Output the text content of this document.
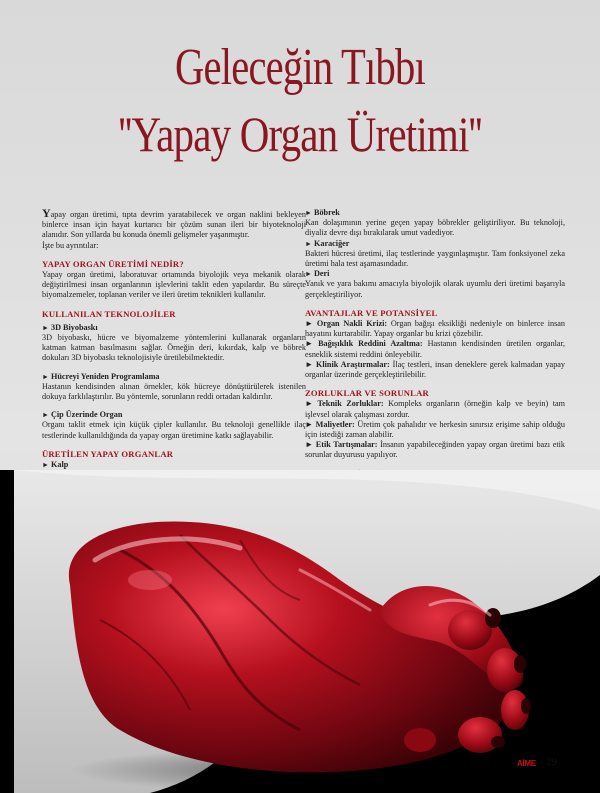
Geleceğin Tıbbı
''Yapay Organ Üretimi''

Yapay organ üretimi, tıpta devrim yaratabilecek ve organ naklini bekleyen binlerce insan için hayat kurtarıcı bir çözüm sunan ileri bir biyoteknoloji alanıdır. Son yıllarda bu konuda önemli gelişmeler yaşanmıştır.

İşte bu ayrıntılar:

YAPAY ORGAN ÜRETİMİ NEDİR?

Yapay organ üretimi, laboratuvar ortamında biyolojik veya mekanik olarak değiştirilmesi insan organlarının işlevlerini taklit eden yapılardır. Bu süreçte biyomalzemeler, toplanan veriler ve ileri üretim teknikleri kullanılır.

KULLANILAN TEKNOLOJİLER

► 3D Biyobaskı

3D biyobaskı, hücre ve biyomalzeme yöntemlerini kullanarak organların katman katman basılmasını sağlar. Örneğin deri, kıkırdak, kalp ve böbrek dokuları 3D biyobaskı teknolojisiyle üretilebilmektedir.

► Hücreyi Yeniden Programlama

Hastanın kendisinden alınan örnekler, kök hücreye dönüştürülerek istenilen dokuya farklılaştırılır. Bu yöntemle, sorunların reddi ortadan kaldırılır.

► Çip Üzerinde Organ

Organı taklit etmek için küçük çipler kullanılır. Bu teknoloji genellikle ilaç testlerinde kullanıldığında da yapay organ üretimine katkı sağlayabilir.

ÜRETİLEN YAPAY ORGANLAR

► Kalp

► Böbrek

Kan dolaşımının yerine geçen yapay böbrekler geliştiriliyor. Bu teknoloji, diyaliz devre dışı bırakılarak umut vadediyor.

► Karaciğer

Bakteri hücresi üretimi, ilaç testlerinde yaygınlaşmıştır. Tam fonksiyonel zeka üretimi hala test aşamasındadır.

► Deri

Yanık ve yara bakımı amacıyla biyolojik olarak uyumlu deri üretimi başarıyla gerçekleştiriliyor.

AVANTAJLAR VE POTANSİYEL

► Organ Nakli Krizi: Organ bağışı eksikliği nedeniyle on binlerce insan hayatını kurtarabilir. Yapay organlar bu krizi çözebilir.

► Bağışıklık Reddini Azaltma: Hastanın kendisinden üretilen organlar, esneklik sistemi reddini önleyebilir.

► Klinik Araştırmalar: İlaç testleri, insan deneklere gerek kalmadan yapay organlar üzerinde gerçekleştirilebilir.

ZORLUKLAR VE SORUNLAR

► Teknik Zorluklar: Kompleks organların (örneğin kalp ve beyin) tam işlevsel olarak çalışması zordur.

► Maliyetler: Üretim çok pahalıdır ve herkesin sınırsız erişime sahip olduğu için istediği zaman alabilir.

► Etik Tartışmalar: İnsanın yapabileceğinden yapay organ üretimi bazı etik sorunlar duyurusu yapılıyor.

AİME 29
